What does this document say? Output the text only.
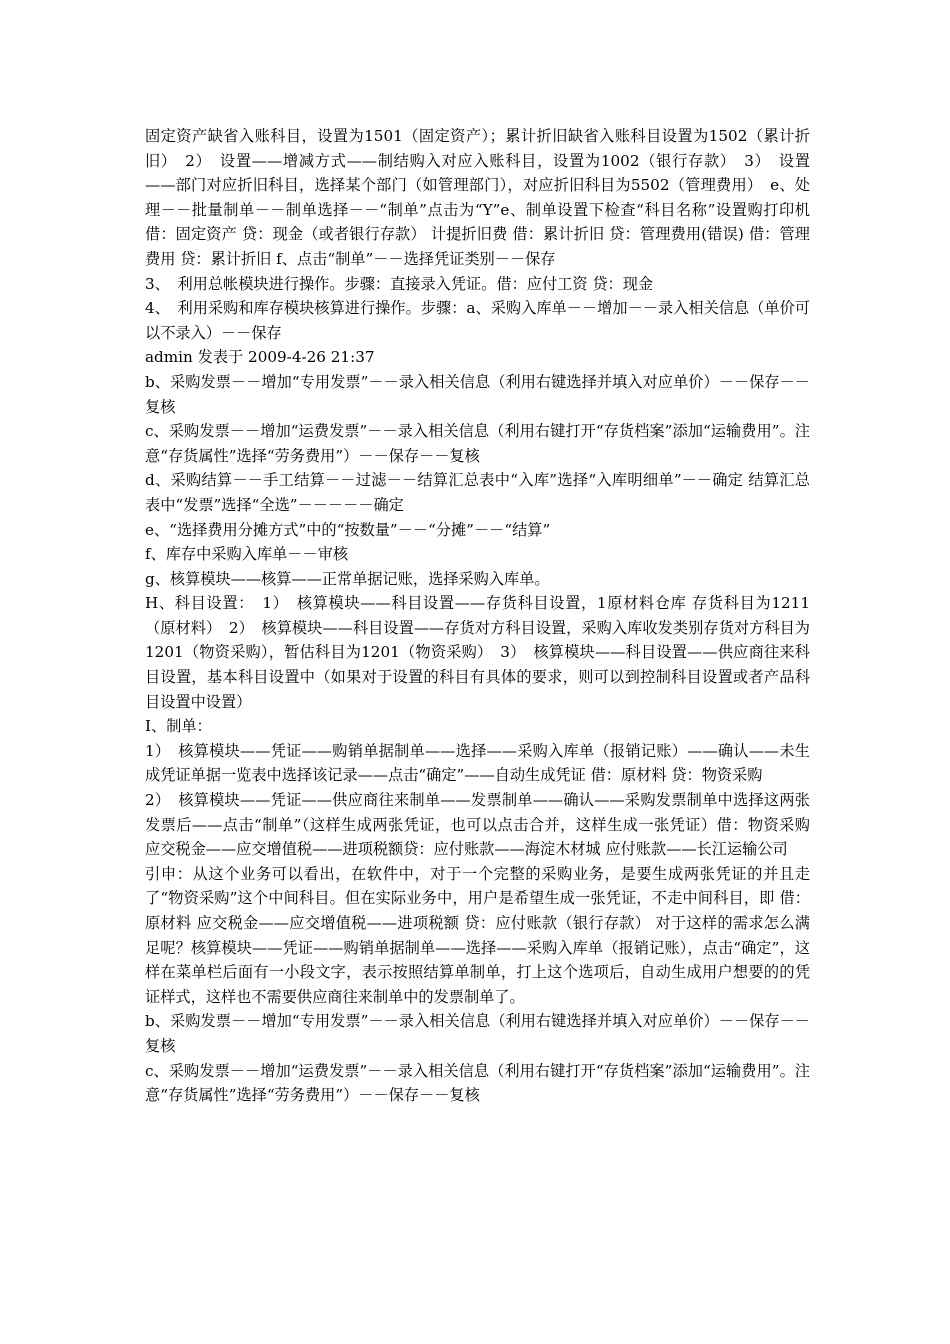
固定资产缺省入账科目，设置为1501（固定资产）；累计折旧缺省入账科目设置为1502（累计折旧）　2）　设置——增减方式——制结购入对应入账科目，设置为1002（银行存款）　3）　设置——部门对应折旧科目，选择某个部门（如管理部门），对应折旧科目为5502（管理费用）　e、处理－－批量制单－－制单选择－－“制单”点击为“Y”e、制单设置下检查“科目名称”设置购打印机 借：固定资产 贷：现金（或者银行存款） 计提折旧费 借：累计折旧 贷：管理费用(错误) 借：管理费用 贷：累计折旧 f、点击“制单”－－选择凭证类别－－保存

3、　利用总帐模块进行操作。步骤：直接录入凭证。借：应付工资 贷：现金

4、　利用采购和库存模块核算进行操作。步骤：a、采购入库单－－增加－－录入相关信息（单价可以不录入）－－保存

admin 发表于 2009-4-26 21:37

b、采购发票－－增加“专用发票”－－录入相关信息（利用右键选择并填入对应单价）－－保存－－复核

c、采购发票－－增加“运费发票”－－录入相关信息（利用右键打开“存货档案”添加“运输费用”。注意“存货属性”选择“劳务费用”）－－保存－－复核

d、采购结算－－手工结算－－过滤－－结算汇总表中“入库”选择“入库明细单”－－确定 结算汇总表中“发票”选择“全选”－－－－－确定

e、“选择费用分摊方式”中的“按数量”－－“分摊”－－“结算”

f、库存中采购入库单－－审核

g、核算模块——核算——正常单据记账，选择采购入库单。

H、科目设置：　1）　核算模块——科目设置——存货科目设置，1原材料仓库 存货科目为1211（原材料）　2）　核算模块——科目设置——存货对方科目设置，采购入库收发类别存货对方科目为1201（物资采购），暂估科目为1201（物资采购）　3）　核算模块——科目设置——供应商往来科目设置，基本科目设置中（如果对于设置的科目有具体的要求，则可以到控制科目设置或者产品科目设置中设置）

I、制单：

1）　核算模块——凭证——购销单据制单——选择——采购入库单（报销记账）——确认——未生成凭证单据一览表中选择该记录——点击“确定”——自动生成凭证 借：原材料 贷：物资采购

2）　核算模块——凭证——供应商往来制单——发票制单——确认——采购发票制单中选择这两张发票后——点击“制单”（这样生成两张凭证，也可以点击合并，这样生成一张凭证）借：物资采购 应交税金——应交增值税——进项税额贷：应付账款——海淀木材城 应付账款——长江运输公司

引申：从这个业务可以看出，在软件中，对于一个完整的采购业务，是要生成两张凭证的并且走了“物资采购”这个中间科目。但在实际业务中，用户是希望生成一张凭证，不走中间科目，即 借：原材料 应交税金——应交增值税——进项税额 贷：应付账款（银行存款） 对于这样的需求怎么满足呢？核算模块——凭证——购销单据制单——选择——采购入库单（报销记账），点击“确定”，这样在菜单栏后面有一小段文字，表示按照结算单制单，打上这个选项后，自动生成用户想要的的凭证样式，这样也不需要供应商往来制单中的发票制单了。

b、采购发票－－增加“专用发票”－－录入相关信息（利用右键选择并填入对应单价）－－保存－－复核

c、采购发票－－增加“运费发票”－－录入相关信息（利用右键打开“存货档案”添加“运输费用”。注意“存货属性”选择“劳务费用”）－－保存－－复核
